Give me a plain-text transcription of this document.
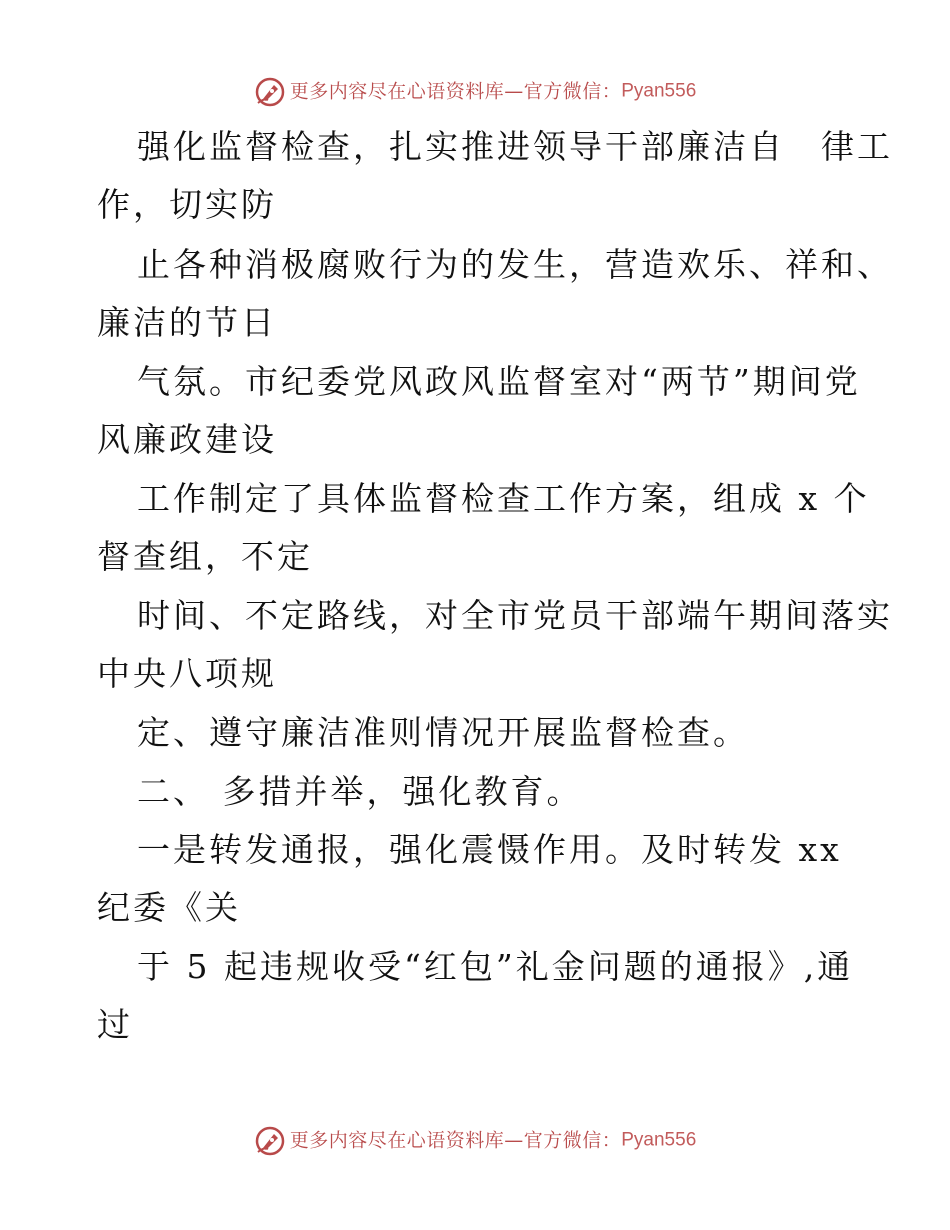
更多内容尽在心语资料库—官方微信：Pyan556
强化监督检查，扎实推进领导干部廉洁自　律工
作，切实防
止各种消极腐败行为的发生，营造欢乐、祥和、
廉洁的节日
气氛。市纪委党风政风监督室对“两节”期间党
风廉政建设
工作制定了具体监督检查工作方案，组成 x 个
督查组，不定
时间、不定路线，对全市党员干部端午期间落实
中央八项规
定、遵守廉洁准则情况开展监督检查。
二、 多措并举，强化教育。
一是转发通报，强化震慑作用。及时转发 xx
纪委《关
于 5 起违规收受“红包”礼金问题的通报》,通
过
更多内容尽在心语资料库—官方微信：Pyan556
